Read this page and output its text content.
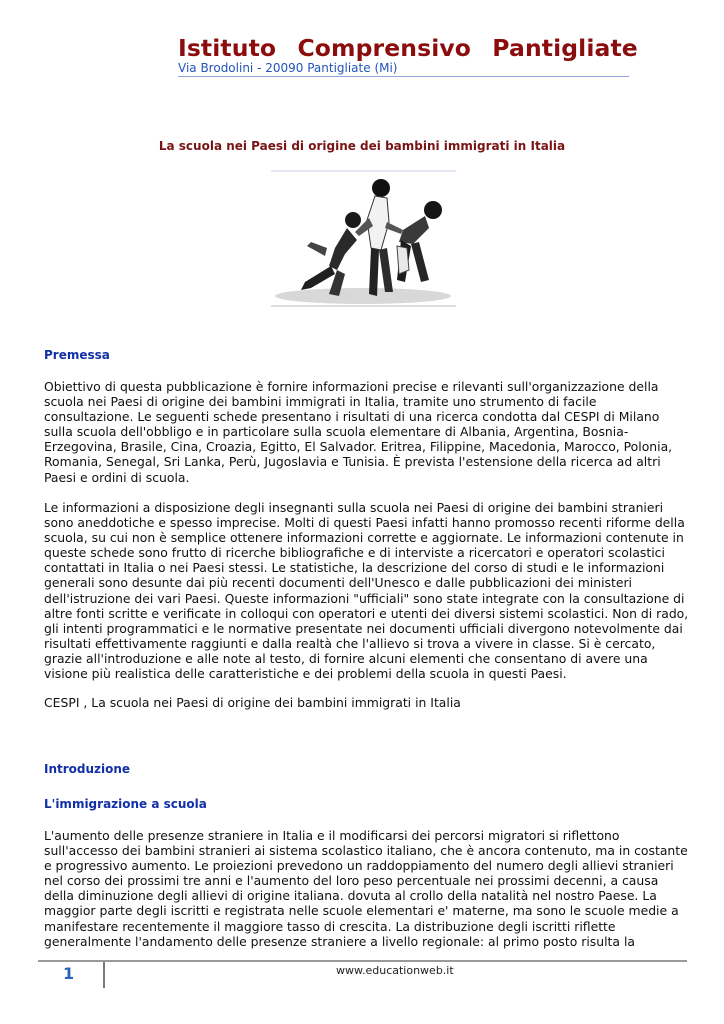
Istituto Comprensivo Pantigliate
Via Brodolini - 20090 Pantigliate (Mi)
La scuola nei Paesi di origine dei bambini immigrati in Italia
Premessa
Obiettivo di questa pubblicazione è fornire informazioni precise e rilevanti sull'organizzazione della
scuola nei Paesi di origine dei bambini immigrati in Italia, tramite uno strumento di facile
consultazione. Le seguenti schede presentano i risultati di una ricerca condotta dal CESPI di Milano
sulla scuola dell'obbligo e in particolare sulla scuola elementare di Albania, Argentina, Bosnia-
Erzegovina, Brasile, Cina, Croazia, Egitto, El Salvador. Eritrea, Filippine, Macedonia, Marocco, Polonia,
Romania, Senegal, Sri Lanka, Perù, Jugoslavia e Tunisia. È prevista l'estensione della ricerca ad altri
Paesi e ordini di scuola.
Le informazioni a disposizione degli insegnanti sulla scuola nei Paesi di origine dei bambini stranieri
sono aneddotiche e spesso imprecise. Molti di questi Paesi infatti hanno promosso recenti riforme della
scuola, su cui non è semplice ottenere informazioni corrette e aggiornate. Le informazioni contenute in
queste schede sono frutto di ricerche bibliografiche e di interviste a ricercatori e operatori scolastici
contattati in Italia o nei Paesi stessi. Le statistiche, la descrizione del corso di studi e le informazioni
generali sono desunte dai più recenti documenti dell'Unesco e dalle pubblicazioni dei ministeri
dell'istruzione dei vari Paesi. Queste informazioni "ufficiali" sono state integrate con la consultazione di
altre fonti scritte e verificate in colloqui con operatori e utenti dei diversi sistemi scolastici. Non di rado,
gli intenti programmatici e le normative presentate nei documenti ufficiali divergono notevolmente dai
risultati effettivamente raggiunti e dalla realtà che l'allievo si trova a vivere in classe. Si è cercato,
grazie all'introduzione e alle note al testo, di fornire alcuni elementi che consentano di avere una
visione più realistica delle caratteristiche e dei problemi della scuola in questi Paesi.
CESPI , La scuola nei Paesi di origine dei bambini immigrati in Italia
Introduzione
L'immigrazione a scuola
L'aumento delle presenze straniere in Italia e il modificarsi dei percorsi migratori si riflettono
sull'accesso dei bambini stranieri ai sistema scolastico italiano, che è ancora contenuto, ma in costante
e progressivo aumento. Le proiezioni prevedono un raddoppiamento del numero degli allievi stranieri
nel corso dei prossimi tre anni e l'aumento del loro peso percentuale nei prossimi decenni, a causa
della diminuzione degli allievi di origine italiana. dovuta al crollo della natalità nel nostro Paese. La
maggior parte degli iscritti e registrata nelle scuole elementari e' materne, ma sono le scuole medie a
manifestare recentemente il maggiore tasso di crescita. La distribuzione degli iscritti riflette
generalmente l'andamento delle presenze straniere a livello regionale: al primo posto risulta la
1	www.educationweb.it
